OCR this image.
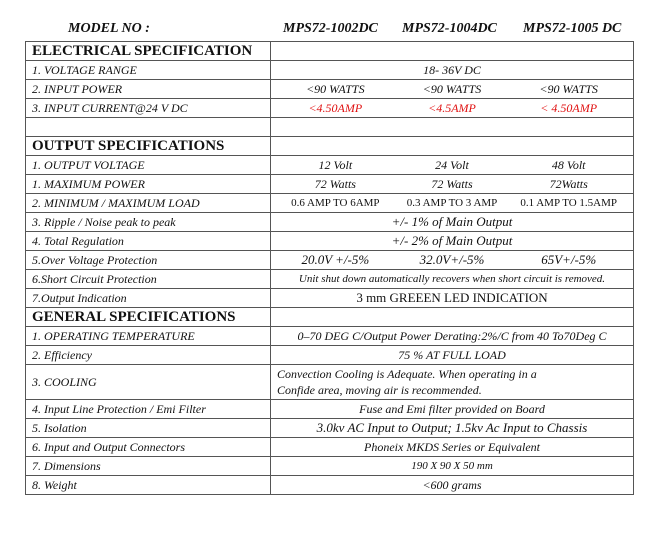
MODEL NO :	MPS72-1002DC MPS72-1004DC MPS72-1005 DC
ELECTRICAL SPECIFICATION	
1. VOLTAGE RANGE	18- 36V DC
2. INPUT POWER	<90 WATTS <90 WATTS <90 WATTS

3. INPUT CURRENT@24 V DC	<4.50AMP <4.5AMP < 4.50AMP

OUTPUT SPECIFICATIONS	
1. OUTPUT VOLTAGE	12 Volt 24 Volt 48 Volt

1. MAXIMUM POWER	72 Watts 72 Watts 72Watts

2. MINIMUM / MAXIMUM LOAD	0.6 AMP TO 6AMP 0.3 AMP TO 3 AMP 0.1 AMP TO 1.5AMP

3. Ripple / Noise peak to peak	+/- 1% of Main Output
4. Total Regulation	+/- 2% of Main Output
5.Over Voltage Protection	20.0V +/-5% 32.0V+/-5% 65V+/-5%

6.Short Circuit Protection	Unit shut down automatically recovers when short circuit is removed.
7.Output Indication	3 mm GREEEN LED INDICATION
GENERAL SPECIFICATIONS	
1. OPERATING TEMPERATURE	0–70 DEG C/Output Power Derating:2%/C from 40 To70Deg C
2. Efficiency	75 % AT FULL LOAD
3. COOLING	Convection Cooling is Adequate. When operating in a
Confide area, moving air is recommended.

4. Input Line Protection / Emi Filter	Fuse and Emi filter provided on Board
5. Isolation	3.0kv AC Input to Output; 1.5kv Ac Input to Chassis
6. Input and Output Connectors	Phoneix MKDS Series or Equivalent
7. Dimensions	190 X 90 X 50 mm
8. Weight	<600 grams
